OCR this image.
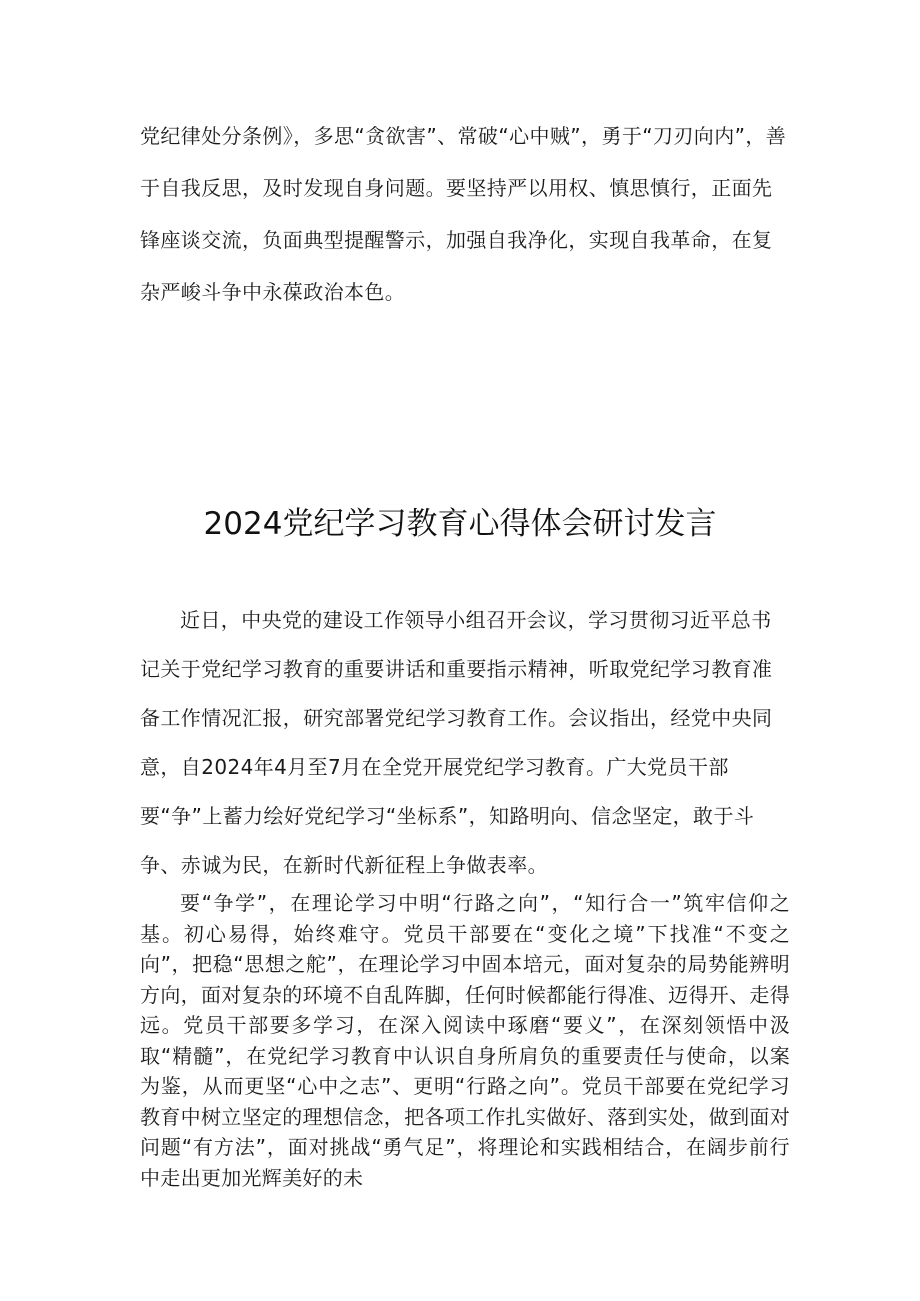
党纪律处分条例》，多思“贪欲害”、常破“心中贼”，勇于“刀刃向内”，善于自我反思，及时发现自身问题。要坚持严以用权、慎思慎行，正面先锋座谈交流，负面典型提醒警示，加强自我净化，实现自我革命，在复杂严峻斗争中永葆政治本色。

2024党纪学习教育心得体会研讨发言

近日，中央党的建设工作领导小组召开会议，学习贯彻习近平总书记关于党纪学习教育的重要讲话和重要指示精神，听取党纪学习教育准备工作情况汇报，研究部署党纪学习教育工作。会议指出，经党中央同意，自2024年4月至7月在全党开展党纪学习教育。广大党员干部要“争”上蓄力绘好党纪学习“坐标系”，知路明向、信念坚定，敢于斗争、赤诚为民，在新时代新征程上争做表率。

要“争学”，在理论学习中明“行路之向”，“知行合一”筑牢信仰之基。初心易得，始终难守。党员干部要在“变化之境”下找准“不变之向”，把稳“思想之舵”，在理论学习中固本培元，面对复杂的局势能辨明方向，面对复杂的环境不自乱阵脚，任何时候都能行得准、迈得开、走得远。党员干部要多学习，在深入阅读中琢磨“要义”，在深刻领悟中汲取“精髓”，在党纪学习教育中认识自身所肩负的重要责任与使命，以案为鉴，从而更坚“心中之志”、更明“行路之向”。党员干部要在党纪学习教育中树立坚定的理想信念，把各项工作扎实做好、落到实处，做到面对问题“有方法”，面对挑战“勇气足”，将理论和实践相结合，在阔步前行中走出更加光辉美好的未
